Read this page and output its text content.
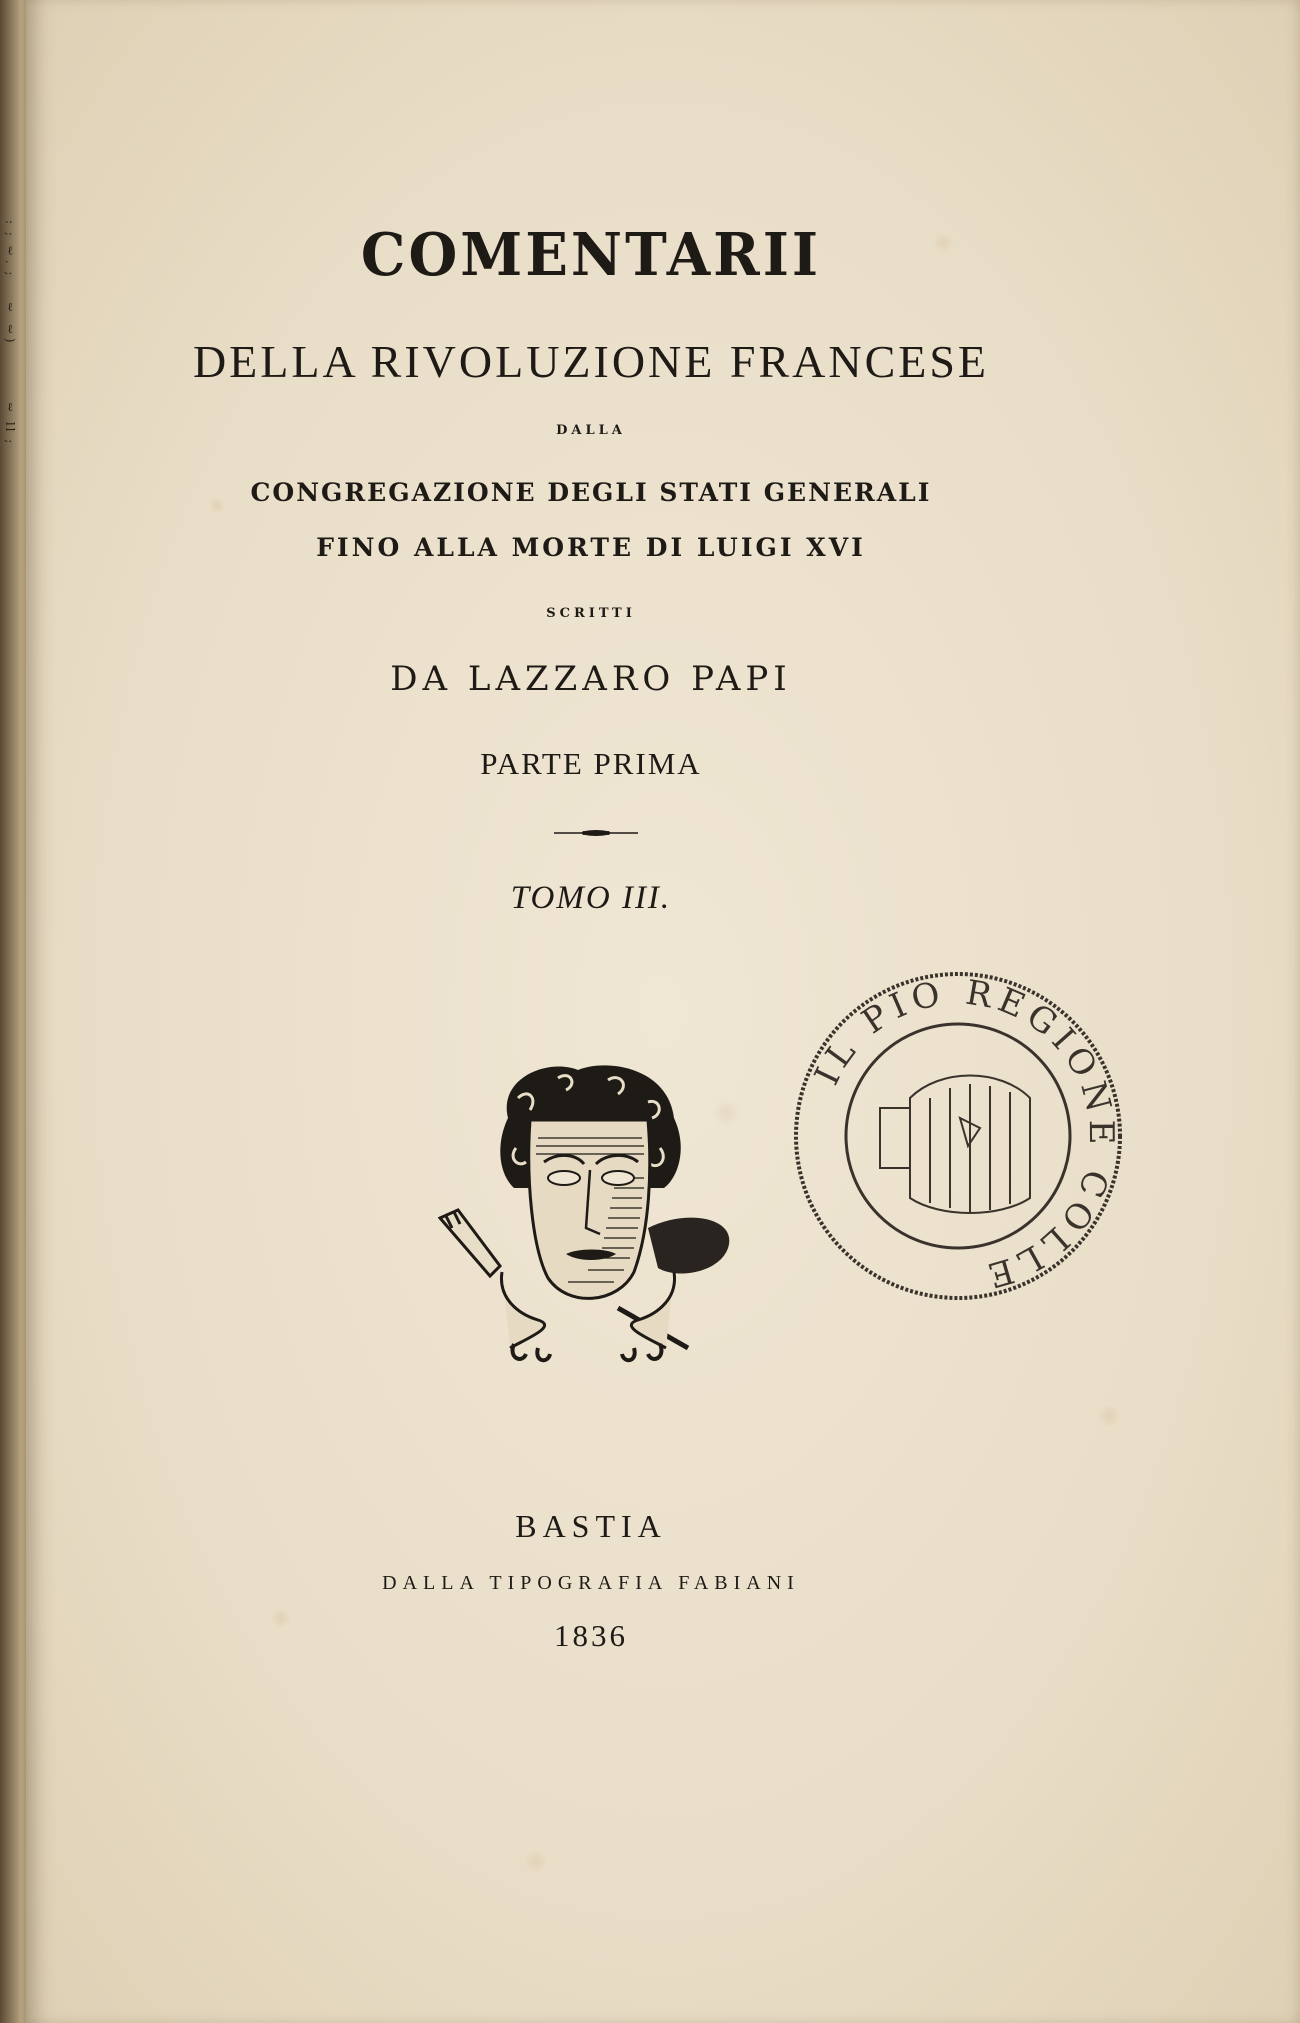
: ; ℓ. ;
ℓ ℓ)
ℓ ll ;
COMENTARII
DELLA RIVOLUZIONE FRANCESE
DALLA
CONGREGAZIONE DEGLI STATI GENERALI
FINO ALLA MORTE DI LUIGI XVI
SCRITTI
DA LAZZARO PAPI
PARTE PRIMA
TOMO III.
IL PIO REGIONE COLLE
BASTIA
DALLA TIPOGRAFIA FABIANI
1836
